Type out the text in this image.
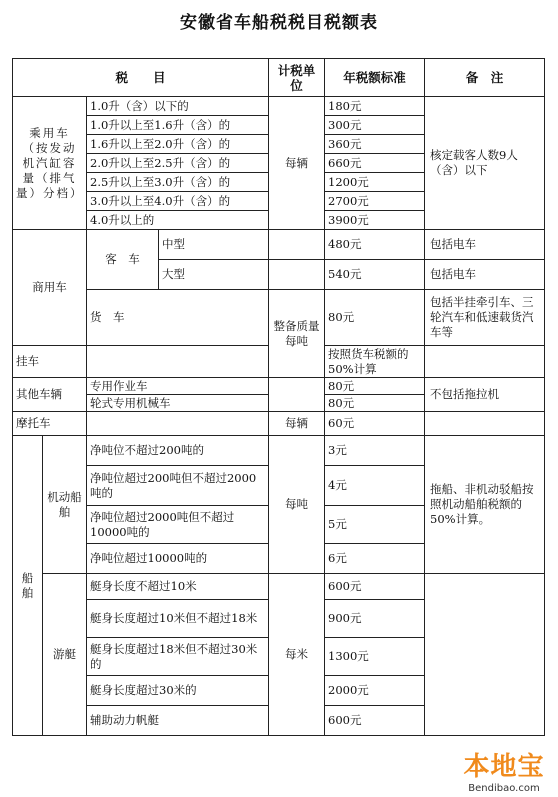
安徽省车船税税目税额表
税　　目				计税单位	年税额标准	备　注
乘用车（按发动机汽缸容量（排气量）分档）		1.0升（含）以下的		每辆	180元	核定载客人数9人（含）以下
		1.0升以上至1.6升（含）的			300元	
		1.6升以上至2.0升（含）的			360元	
		2.0升以上至2.5升（含）的			660元	
		2.5升以上至3.0升（含）的			1200元	
		3.0升以上至4.0升（含）的			2700元	
		4.0升以上的			3900元	
商用车		客　车	中型		480元	包括电车
			大型		540元	包括电车
		货　车		整备质量每吨	80元	包括半挂牵引车、三轮汽车和低速载货汽车等
挂车					按照货车税额的50%计算	
其他车辆		专用作业车			80元	不包括拖拉机
		轮式专用机械车			80元	
摩托车				每辆	60元	
船　舶	机动船舶	净吨位不超过200吨的		每吨	3元	拖船、非机动驳船按照机动船舶税额的50%计算。
		净吨位超过200吨但不超过2000吨的			4元	
		净吨位超过2000吨但不超过10000吨的			5元	
		净吨位超过10000吨的			6元	
	游艇	艇身长度不超过10米		每米	600元	
		艇身长度超过10米但不超过18米			900元	
		艇身长度超过18米但不超过30米的			1300元	
		艇身长度超过30米的			2000元	
		辅助动力帆艇			600元	
本地宝
Bendibao.com
